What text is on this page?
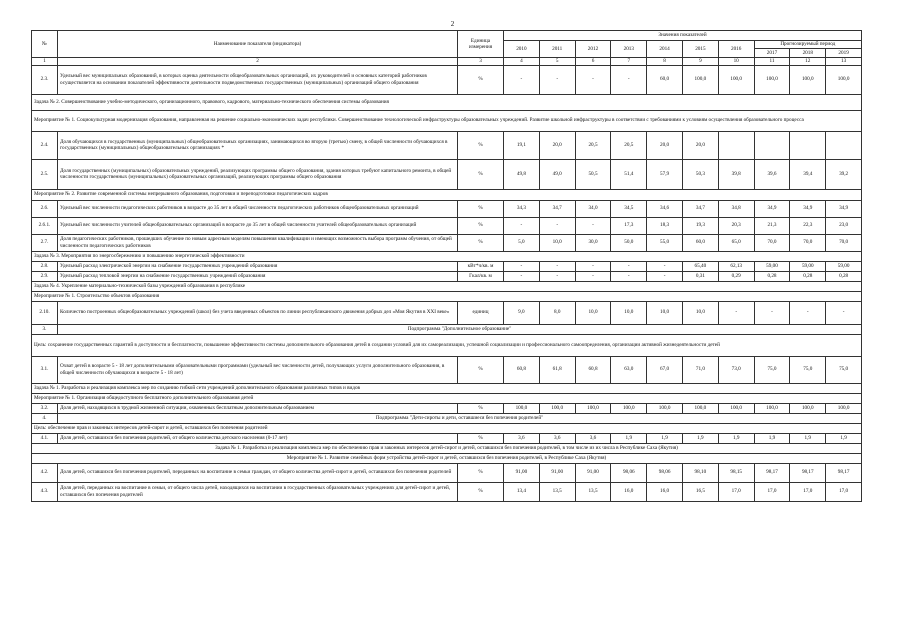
2
№	Наименование показателя (индикатора)	Единица измерения	Значения показателей									
			2010	2011	2012	2013	2014	2015	2016	Прогнозируемый период		
										2017	2018	2019
1	2	3	4	5	6	7	8	9	10	11	12	13
2.3.	Удельный вес муниципальных образований, в которых оценка деятельности общеобразовательных организаций, их руководителей и основных категорий работников осуществляется на основании показателей эффективности деятельности подведомственных государственных (муниципальных) организаций общего образования	%	-	-	-	-	60,0	100,0	100,0	100,0	100,0	100,0
Задача № 2. Совершенствование учебно-методического, организационного, правового, кадрового, материально-технического обеспечения системы образования												
Мероприятие № 1. Социокультурная модернизация образования, направленная на решение социально-экономических задач республики. Совершенствование технологической инфраструктуры образовательных учреждений. Развитие школьной инфраструктуры в соответствии с требованиями к условиям осуществления образовательного процесса												
2.4.	Доля обучающихся в государственных (муниципальных) общеобразовательных организациях, занимающихся во вторую (третью) смену, в общей численности обучающихся в государственных (муниципальных) общеобразовательных организациях *	%	19,1	20,0	20,5	20,5	20,0	20,0				
2.5.	Доля государственных (муниципальных) образовательных учреждений, реализующих программы общего образования, здания которых требуют капитального ремонта, в общей численности государственных (муниципальных) образовательных организаций, реализующих программы общего образования	%	49,8	49,0	50,5	51,4	57,9	50,3	39,8	39,6	39,4	39,2
Мероприятие № 2. Развитие современной системы непрерывного образования, подготовки и переподготовки педагогических кадров												
2.6.	Удельный вес численности педагогических работников в возрасте до 35 лет в общей численности педагогических работников общеобразовательных организаций	%	34,3	34,7	34,0	34,5	34,6	34,7	34,8	34,9	34,9	34,9
2.6.1.	Удельный вес численности учителей общеобразовательных организаций в возрасте до 35 лет в общей численности учителей общеобразовательных организаций	%	-	-	-	17,3	18,3	19,3	20,3	21,3	22,3	23,0
2.7.	Доля педагогических работников, прошедших обучение по новым адресным моделям повышения квалификации и имеющих возможность выбора программ обучения, от общей численности педагогических работников	%	5,0	10,0	30,0	50,0	55,0	60,0	65,0	70,0	70,0	70,0
Задача № 3. Мероприятия по энергосбережению и повышению энергетической эффективности												
2.8.	Удельный расход электрической энергии на снабжение государственных учреждений образования	кВт*ч/кв. м	-	-	-	-	-	65,40	62,13	59,00	59,00	59,00
2.9.	Удельный расход тепловой энергии на снабжение государственных учреждений образования	Гкал/кв. м	-	-	-	-	-	0,31	0,29	0,28	0,28	0,28
Задача № 4. Укрепление материально-технической базы учреждений образования в республике												
Мероприятие № 1. Строительство объектов образования												
2.10.	Количество построенных общеобразовательных учреждений (школ) без учета введенных объектов по линии республиканского движения добрых дел «Моя Якутия в XXI веке»	единиц	9,0	8,0	10,0	10,0	10,0	10,0	-	-	-	-
3.	Подпрограмма "Дополнительное образование"											
Цель: сохранение государственных гарантий в доступности и бесплатности, повышение эффективности системы дополнительного образования детей в создании условий для их самореализации, успешной социализации и профессионального самоопределения, организации активной жизнедеятельности детей												
3.1.	Охват детей в возрасте 5 - 18 лет дополнительными образовательными программами (удельный вес численности детей, получающих услуги дополнительного образования, в общей численности обучающихся в возрасте 5 - 18 лет)	%	60,8	61,8	60,8	63,0	67,0	71,0	73,0	75,0	75,0	75,0
Задача № 1. Разработка и реализация комплекса мер по созданию гибкой сети учреждений дополнительного образования различных типов и видов												
Мероприятие № 1. Организация общедоступного бесплатного дополнительного образования детей												
3.2.	Доля детей, находящихся в трудной жизненной ситуации, охваченных бесплатным дополнительным образованием	%	100,0	100,0	100,0	100,0	100,0	100,0	100,0	100,0	100,0	100,0
4.	Подпрограмма "Дети-сироты и дети, оставшиеся без попечения родителей"											
Цель: обеспечение прав и законных интересов детей-сирот и детей, оставшихся без попечения родителей												
4.1.	Доля детей, оставшихся без попечения родителей, от общего количества детского населения (0-17 лет)	%	3,6	3,6	3,6	1,9	1,9	1,9	1,9	1,9	1,9	1,9
Задача № 1. Разработка и реализация комплекса мер по обеспечению прав и законных интересов детей-сирот и детей, оставшихся без попечения родителей, в том числе из их числа в Республике Саха (Якутия)												
Мероприятие № 1. Развитие семейных форм устройства детей-сирот и детей, оставшихся без попечения родителей, в Республике Саха (Якутия)												
4.2.	Доля детей, оставшихся без попечения родителей, переданных на воспитание в семьи граждан, от общего количества детей-сирот и детей, оставшихся без попечения родителей	%	91,00	91,00	91,00	98,06	98,06	98,10	98,15	98,17	98,17	98,17
4.3.	Доля детей, переданных на воспитание в семьи, от общего числа детей, находящихся на воспитании в государственных образовательных учреждениях для детей-сирот и детей, оставшихся без попечения родителей	%	13,4	13,5	13,5	16,0	16,0	16,5	17,0	17,0	17,0	17,0
